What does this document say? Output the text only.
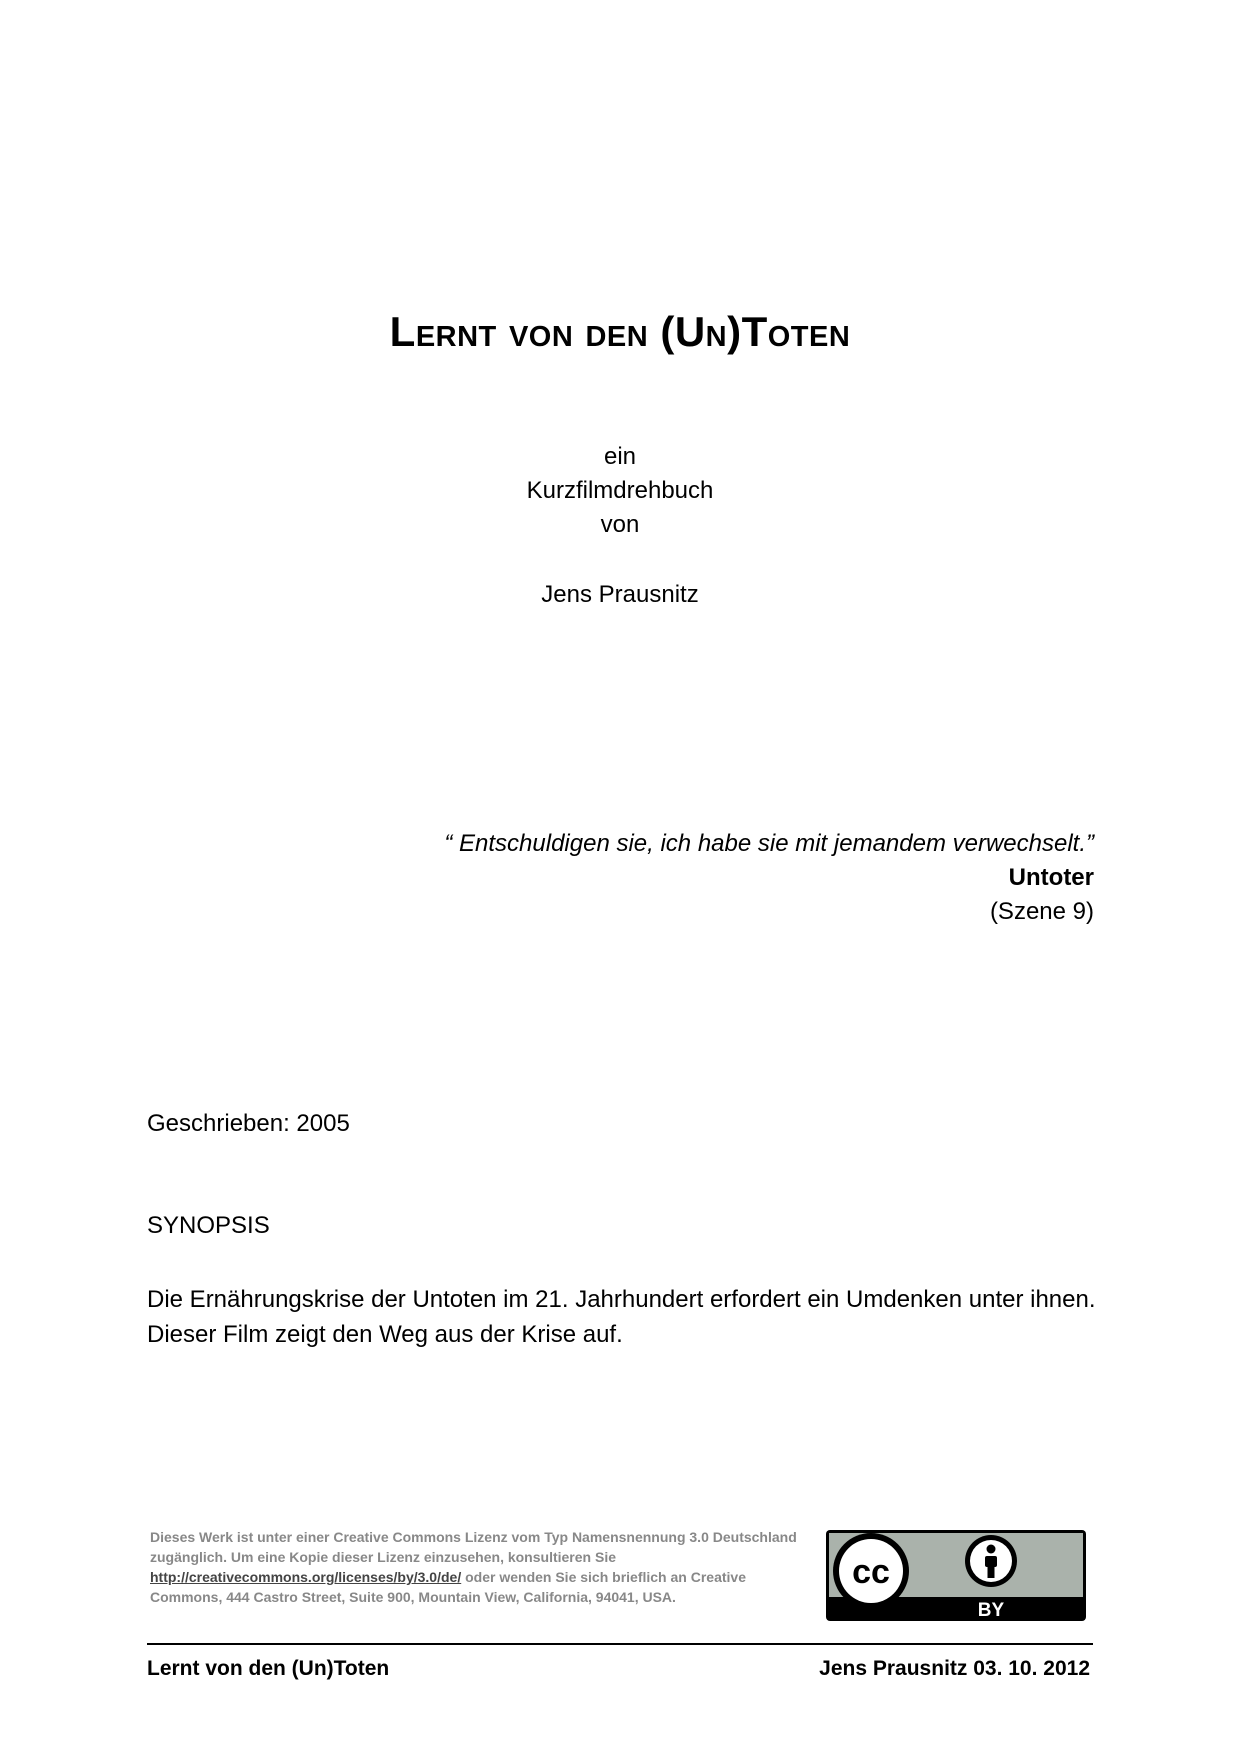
Lernt von den (Un)Toten
ein
Kurzfilmdrehbuch
von
Jens Prausnitz
“ Entschuldigen sie, ich habe sie mit jemandem verwechselt.”
Untoter
(Szene 9)
Geschrieben: 2005
SYNOPSIS
Die Ernährungskrise der Untoten im 21. Jahrhundert erfordert ein Umdenken unter ihnen. Dieser Film zeigt den Weg aus der Krise auf.
Dieses Werk ist unter einer Creative Commons Lizenz vom Typ Namensnennung 3.0 Deutschland zugänglich. Um eine Kopie dieser Lizenz einzusehen, konsultieren Sie http://creativecommons.org/licenses/by/3.0/de/ oder wenden Sie sich brieflich an Creative Commons, 444 Castro Street, Suite 900, Mountain View, California, 94041, USA.
cc
BY
Lernt von den (Un)Toten	Jens Prausnitz 03. 10. 2012
